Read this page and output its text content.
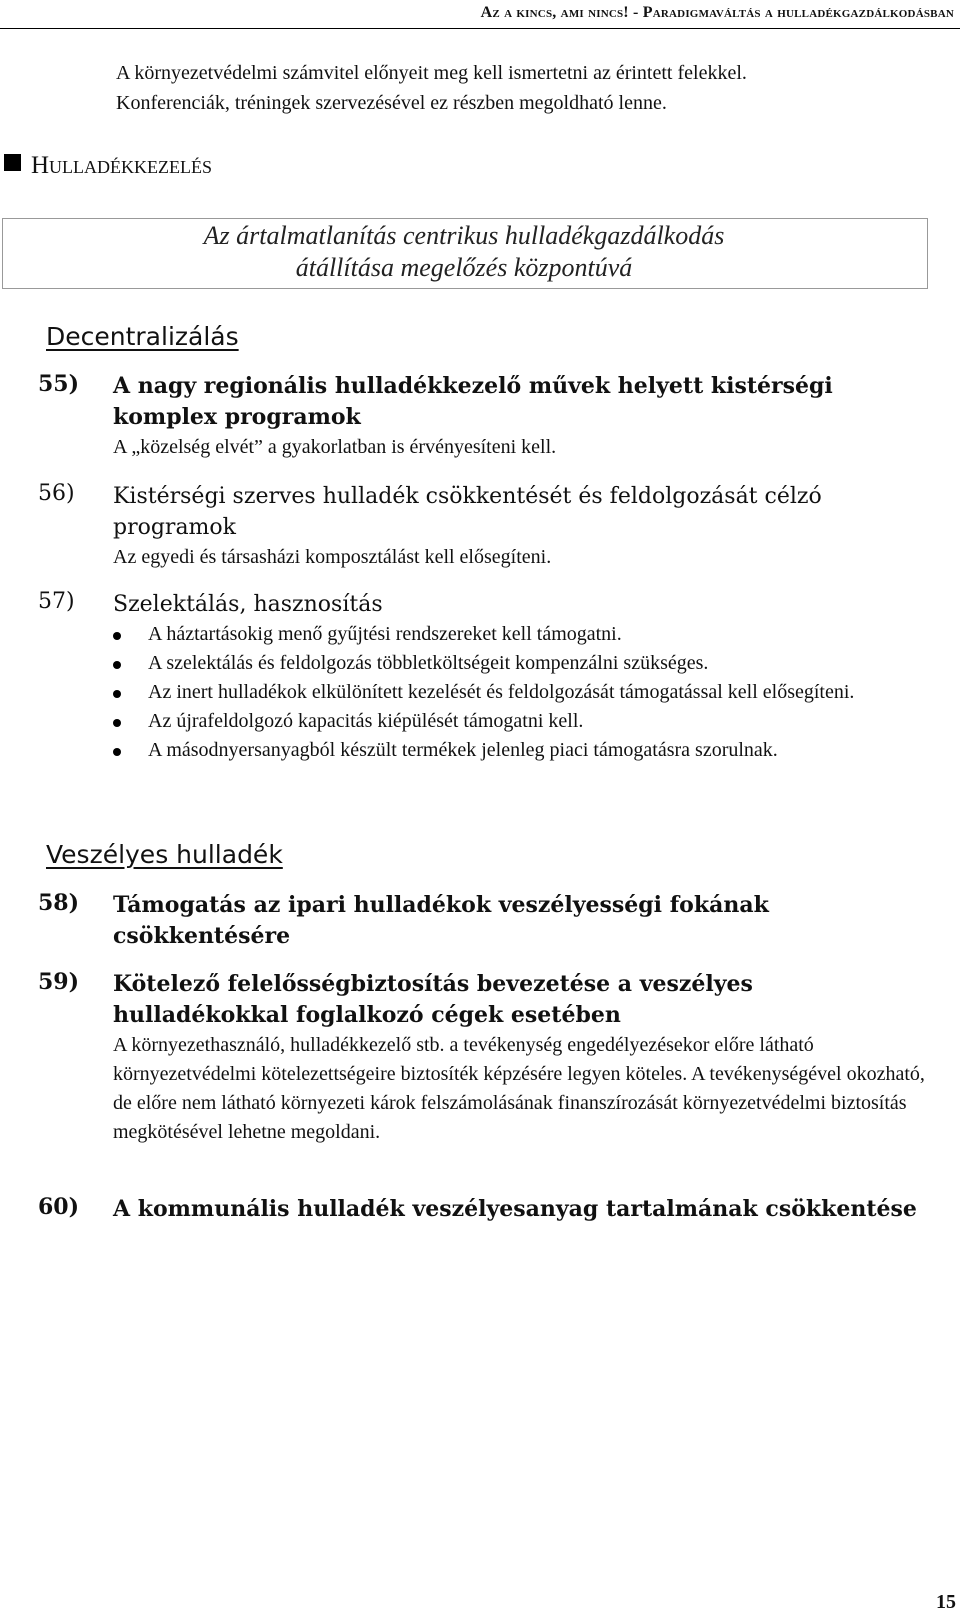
Az a kincs, ami nincs! - Paradigmaváltás a hulladékgazdálkodásban
A környezetvédelmi számvitel előnyeit meg kell ismertetni az érintett felekkel.
Konferenciák, tréningek szervezésével ez részben megoldható lenne.
Hulladékkezelés
Az ártalmatlanítás centrikus hulladékgazdálkodás
átállítása megelőzés központúvá
Decentralizálás
55) A nagy regionális hulladékkezelő művek helyett kistérségi komplex programok
A „közelség elvét” a gyakorlatban is érvényesíteni kell.
56) Kistérségi szerves hulladék csökkentését és feldolgozását célzó programok
Az egyedi és társasházi komposztálást kell elősegíteni.
57) Szelektálás, hasznosítás
A háztartásokig menő gyűjtési rendszereket kell támogatni.
A szelektálás és feldolgozás többletköltségeit kompenzálni szükséges.
Az inert hulladékok elkülönített kezelését és feldolgozását támogatással kell elősegíteni.
Az újrafeldolgozó kapacitás kiépülését támogatni kell.
A másodnyersanyagból készült termékek jelenleg piaci támogatásra szorulnak.
Veszélyes hulladék
58) Támogatás az ipari hulladékok veszélyességi fokának csökkentésére
59) Kötelező felelősségbiztosítás bevezetése a veszélyes hulladékokkal foglalkozó cégek esetében
A környezethasználó, hulladékkezelő stb. a tevékenység engedélyezésekor előre látható környezetvédelmi kötelezettségeire biztosíték képzésére legyen köteles. A tevékenységével okozható, de előre nem látható környezeti károk felszámolásának finanszírozását környezetvédelmi biztosítás megkötésével lehetne megoldani.
60) A kommunális hulladék veszélyesanyag tartalmának csökkentése
15
